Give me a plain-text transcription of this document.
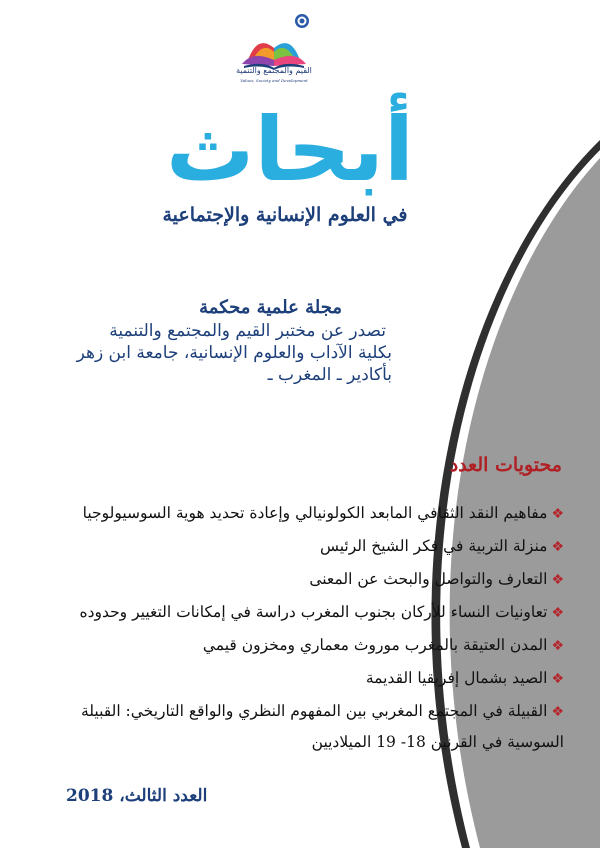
القيم والمجتمع والتنمية
Values, Society and Development
أبحاث
في العلوم الإنسانية والإجتماعية
مجلة علمية محكمة
تصدر عن مختبر القيم والمجتمع والتنمية
بكلية الآداب والعلوم الإنسانية، جامعة ابن زهر
بأكادير ـ المغرب ـ
محتويات العدد
❖مفاهيم النقد الثقافي المابعد الكولونيالي وإعادة تحديد هوية السوسيولوجيا
❖منزلة التربية في فكر الشيخ الرئيس
❖التعارف والتواصل والبحث عن المعنى
❖تعاونيات النساء للأركان بجنوب المغرب دراسة في إمكانات التغيير وحدوده
❖المدن العتيقة بالمغرب موروث معماري ومخزون قيمي
❖الصيد بشمال إفريقيا القديمة
❖القبيلة في المجتمع المغربي بين المفهوم النظري والواقع التاريخي: القبيلة السوسية في القرنين 18- 19 الميلاديين
العدد الثالث، 2018
